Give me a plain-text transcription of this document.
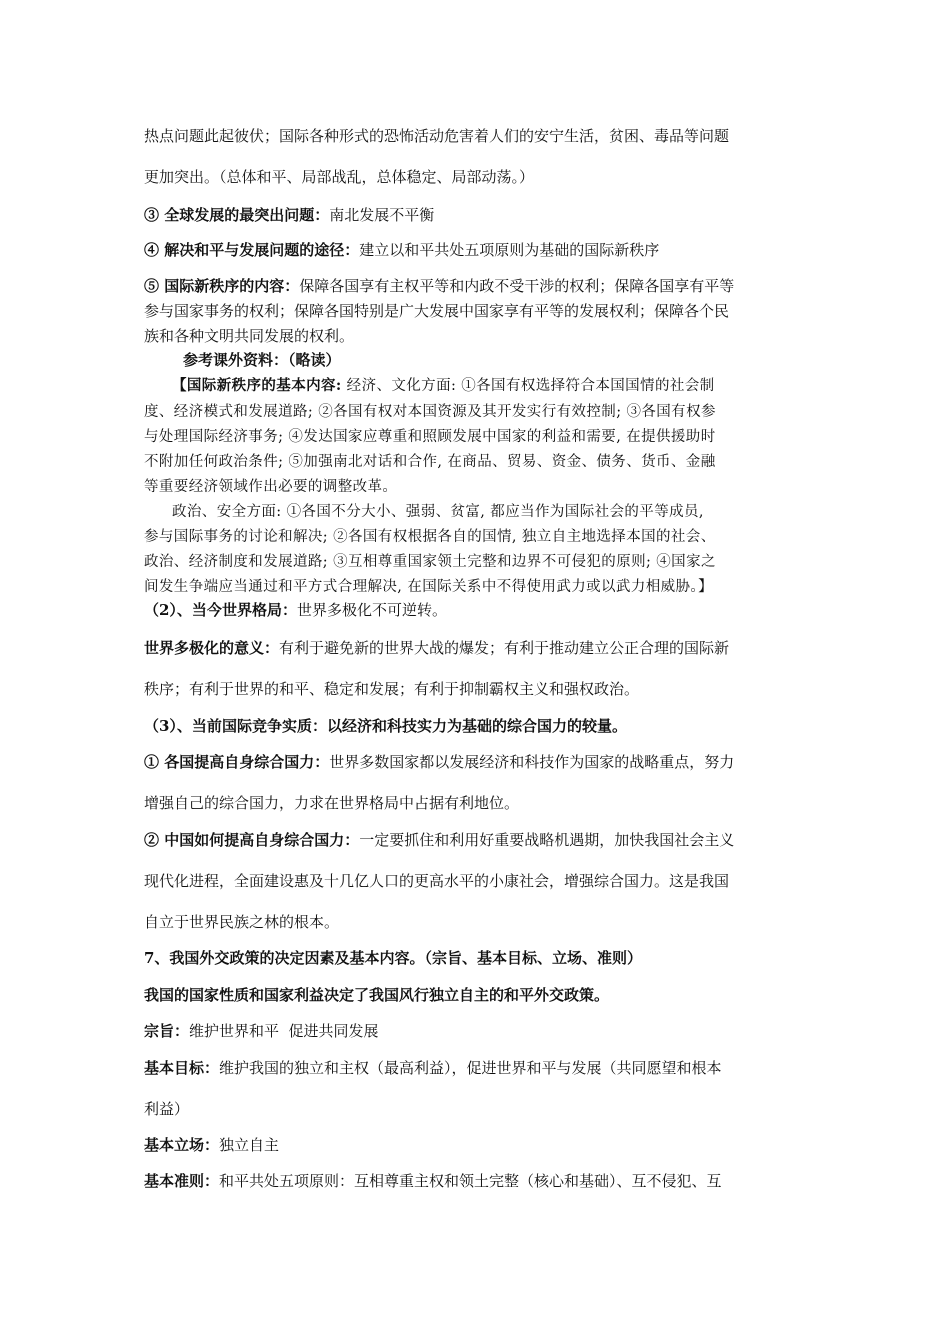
热点问题此起彼伏；国际各种形式的恐怖活动危害着人们的安宁生活，贫困、毒品等问题
更加突出。（总体和平、局部战乱，总体稳定、局部动荡。）
③ 全球发展的最突出问题：南北发展不平衡
④ 解决和平与发展问题的途径：建立以和平共处五项原则为基础的国际新秩序
⑤ 国际新秩序的内容：保障各国享有主权平等和内政不受干涉的权利；保障各国享有平等
参与国家事务的权利；保障各国特别是广大发展中国家享有平等的发展权利；保障各个民
族和各种文明共同发展的权利。
参考课外资料：（略读）
【国际新秩序的基本内容: 经济、文化方面: ①各国有权选择符合本国国情的社会制
度、经济模式和发展道路; ②各国有权对本国资源及其开发实行有效控制; ③各国有权参
与处理国际经济事务; ④发达国家应尊重和照顾发展中国家的利益和需要, 在提供援助时
不附加任何政治条件; ⑤加强南北对话和合作, 在商品、贸易、资金、债务、货币、金融
等重要经济领域作出必要的调整改革。
政治、安全方面: ①各国不分大小、强弱、贫富, 都应当作为国际社会的平等成员,
参与国际事务的讨论和解决; ②各国有权根据各自的国情, 独立自主地选择本国的社会、
政治、经济制度和发展道路; ③互相尊重国家领土完整和边界不可侵犯的原则; ④国家之
间发生争端应当通过和平方式合理解决, 在国际关系中不得使用武力或以武力相威胁。】
（2）、当今世界格局：世界多极化不可逆转。
世界多极化的意义：有利于避免新的世界大战的爆发；有利于推动建立公正合理的国际新
秩序；有利于世界的和平、稳定和发展；有利于抑制霸权主义和强权政治。
（3）、当前国际竞争实质：以经济和科技实力为基础的综合国力的较量。
① 各国提高自身综合国力：世界多数国家都以发展经济和科技作为国家的战略重点，努力
增强自己的综合国力，力求在世界格局中占据有利地位。
② 中国如何提高自身综合国力：一定要抓住和利用好重要战略机遇期，加快我国社会主义
现代化进程，全面建设惠及十几亿人口的更高水平的小康社会，增强综合国力。这是我国
自立于世界民族之林的根本。
7、我国外交政策的决定因素及基本内容。（宗旨、基本目标、立场、准则）
我国的国家性质和国家利益决定了我国风行独立自主的和平外交政策。
宗旨：维护世界和平  促进共同发展
基本目标：维护我国的独立和主权（最高利益），促进世界和平与发展（共同愿望和根本
利益）
基本立场：独立自主
基本准则：和平共处五项原则：互相尊重主权和领土完整（核心和基础）、互不侵犯、互
